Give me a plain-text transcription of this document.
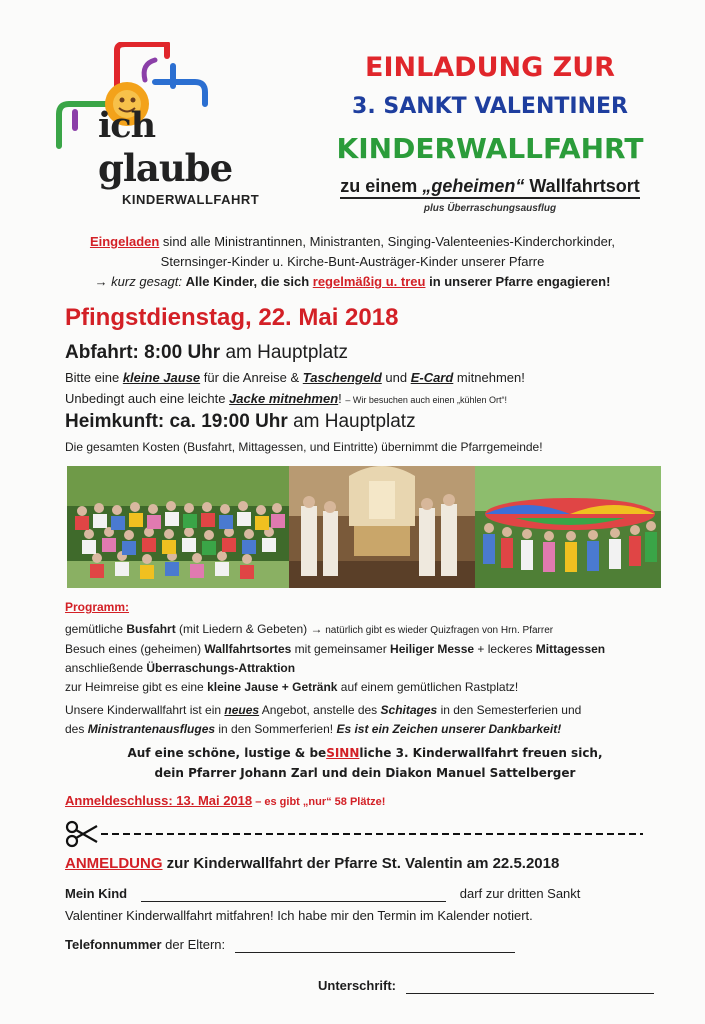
ich
glaube
KINDERWALLFAHRT
EINLADUNG ZUR
3. SANKT VALENTINER
KINDERWALLFAHRT
zu einem „geheimen“ Wallfahrtsort
plus Überraschungsausflug
Eingeladen sind alle Ministrantinnen, Ministranten, Singing-Valenteenies-Kinderchorkinder,
Sternsinger-Kinder u. Kirche-Bunt-Austräger-Kinder unserer Pfarre
→ kurz gesagt: Alle Kinder, die sich regelmäßig u. treu in unserer Pfarre engagieren!
Pfingstdienstag, 22. Mai 2018
Abfahrt: 8:00 Uhr am Hauptplatz
Bitte eine kleine Jause für die Anreise & Taschengeld und E-Card mitnehmen!
Unbedingt auch eine leichte Jacke mitnehmen! – Wir besuchen auch einen „kühlen Ort“!
Heimkunft: ca. 19:00 Uhr am Hauptplatz
Die gesamten Kosten (Busfahrt, Mittagessen, und Eintritte) übernimmt die Pfarrgemeinde!
Programm:
gemütliche Busfahrt (mit Liedern & Gebeten) → natürlich gibt es wieder Quizfragen von Hrn. Pfarrer
Besuch eines (geheimen) Wallfahrtsortes mit gemeinsamer Heiliger Messe + leckeres Mittagessen
anschließende Überraschungs-Attraktion
zur Heimreise gibt es eine kleine Jause + Getränk auf einem gemütlichen Rastplatz!
Unsere Kinderwallfahrt ist ein neues Angebot, anstelle des Schitages in den Semesterferien und
des Ministrantenausfluges in den Sommerferien! Es ist ein Zeichen unserer Dankbarkeit!
Auf eine schöne, lustige & beSINNliche 3. Kinderwallfahrt freuen sich,
dein Pfarrer Johann Zarl und dein Diakon Manuel Sattelberger
Anmeldeschluss: 13. Mai 2018 – es gibt „nur“ 58 Plätze!
ANMELDUNG zur Kinderwallfahrt der Pfarre St. Valentin am 22.5.2018
Mein Kind	darf zur dritten Sankt
Valentiner Kinderwallfahrt mitfahren! Ich habe mir den Termin im Kalender notiert.
Telefonnummer der Eltern:
Unterschrift:
